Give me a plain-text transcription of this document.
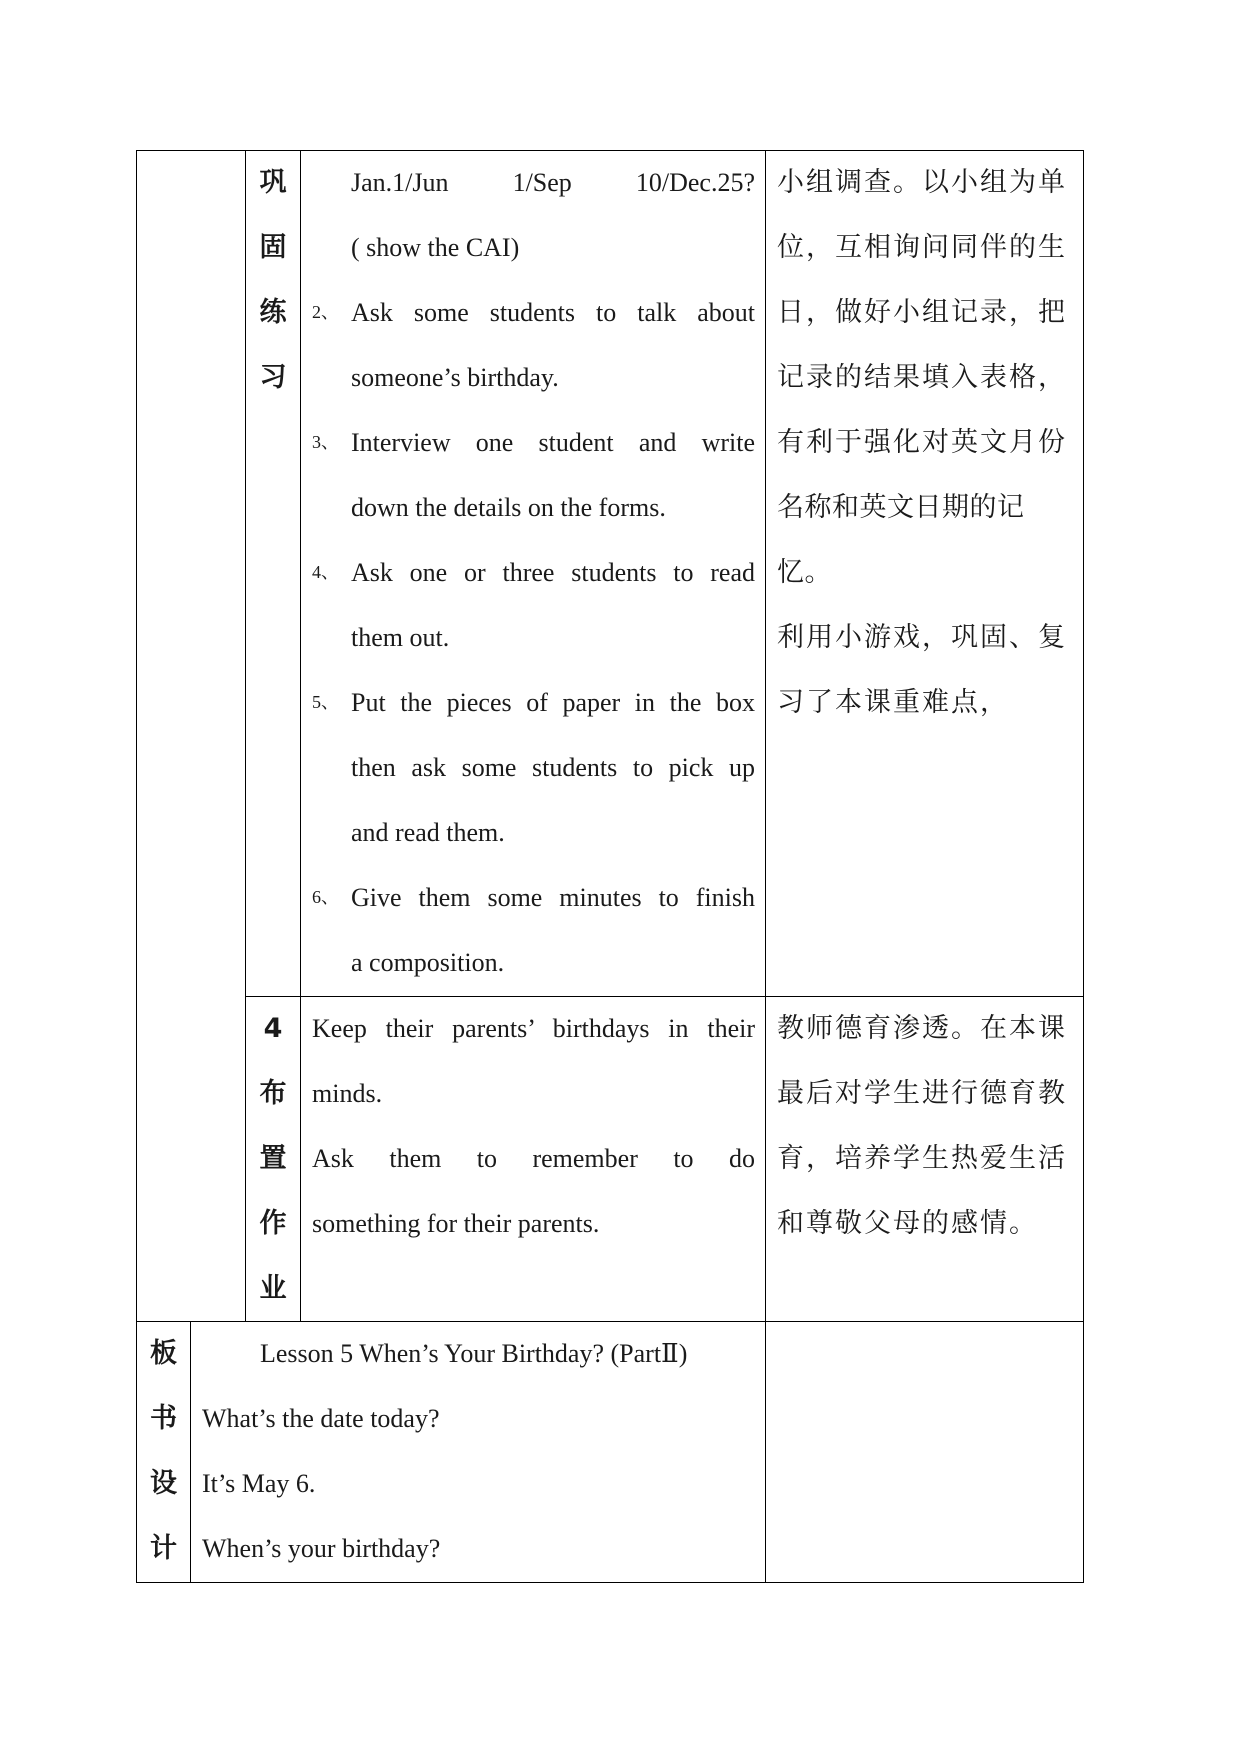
巩
固
练
习

Jan.1/Jun 1/Sep 10/Dec.25?

( show the CAI)

2、 Ask some students to talk about

someone’s birthday.

3、 Interview one student and write

down the details on the forms.

4、 Ask one or three students to read

them out.

5、 Put the pieces of paper in the box

then ask some students to pick up

and read them.

6、 Give them some minutes to finish

a composition.

小组调查。以小组为单

位，互相询问同伴的生

日，做好小组记录，把

记录的结果填入表格，

有利于强化对英文月份

名称和英文日期的记忆。

利用小游戏，巩固、复

习了本课重难点，

4
布
置
作
业

Keep their parents’ birthdays in their

minds.

Ask them to remember to do

something for their parents.

教师德育渗透。在本课

最后对学生进行德育教

育，培养学生热爱生活

和尊敬父母的感情。

板
书
设
计

Lesson 5 When’s Your Birthday? (PartⅡ)

What’s the date today?

It’s May 6.

When’s your birthday?
